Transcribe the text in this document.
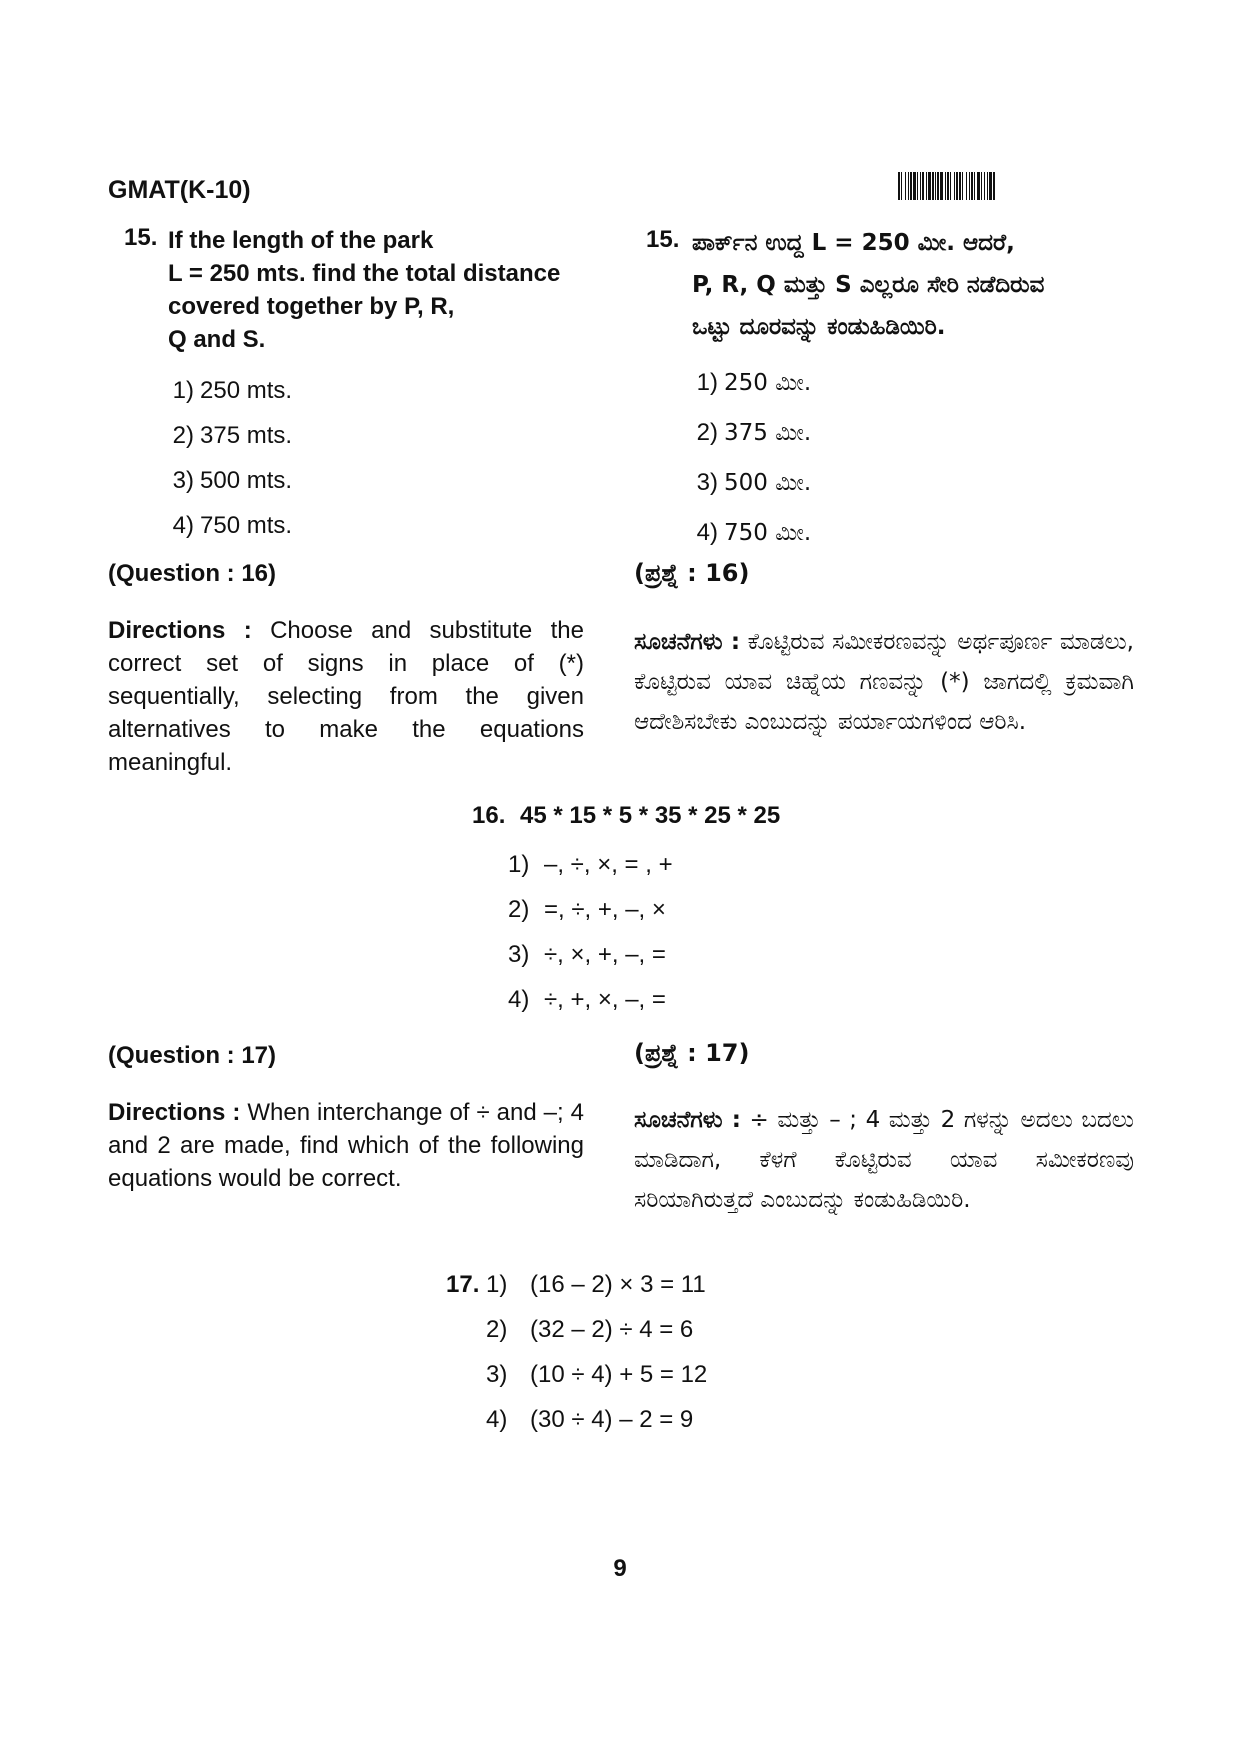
GMAT(K-10)
15. If the length of the park
L = 250 mts. find the total distance
covered together by P, R,
Q and S.
1) 250 mts.
2) 375 mts.
3) 500 mts.
4) 750 mts.
15. ಪಾರ್ಕ್‌ನ ಉದ್ದ L = 250 ಮೀ. ಆದರೆ,
P, R, Q ಮತ್ತು S ಎಲ್ಲರೂ ಸೇರಿ ನಡೆದಿರುವ
ಒಟ್ಟು ದೂರವನ್ನು ಕಂಡುಹಿಡಿಯಿರಿ.
1) 250 ಮೀ.
2) 375 ಮೀ.
3) 500 ಮೀ.
4) 750 ಮೀ.
(Question : 16)	(ಪ್ರಶ್ನೆ : 16)
Directions : Choose and substitute the correct set of signs in place of (*) sequentially, selecting from the given alternatives to make the equations meaningful.
ಸೂಚನೆಗಳು : ಕೊಟ್ಟಿರುವ ಸಮೀಕರಣವನ್ನು ಅರ್ಥಪೂರ್ಣ ಮಾಡಲು, ಕೊಟ್ಟಿರುವ ಯಾವ ಚಿಹ್ನೆಯ ಗಣವನ್ನು (*) ಜಾಗದಲ್ಲಿ ಕ್ರಮವಾಗಿ ಆದೇಶಿಸಬೇಕು ಎಂಬುದನ್ನು ಪರ್ಯಾಯಗಳಿಂದ ಆರಿಸಿ.
16. 45 * 15 * 5 * 35 * 25 * 25
1) –, ÷, ×, = , +
2) =, ÷, +, –, ×
3) ÷, ×, +, –, =
4) ÷, +, ×, –, =
(Question : 17)	(ಪ್ರಶ್ನೆ : 17)
Directions : When interchange of ÷ and –; 4 and 2 are made, find which of the following equations would be correct.
ಸೂಚನೆಗಳು : ÷ ಮತ್ತು – ; 4 ಮತ್ತು 2 ಗಳನ್ನು ಅದಲು ಬದಲು ಮಾಡಿದಾಗ, ಕೆಳಗೆ ಕೊಟ್ಟಿರುವ ಯಾವ ಸಮೀಕರಣವು ಸರಿಯಾಗಿರುತ್ತದೆ ಎಂಬುದನ್ನು ಕಂಡುಹಿಡಿಯಿರಿ.
17. 1) (16 – 2) × 3 = 11
2) (32 – 2) ÷ 4 = 6
3) (10 ÷ 4) + 5 = 12
4) (30 ÷ 4) – 2 = 9
9
